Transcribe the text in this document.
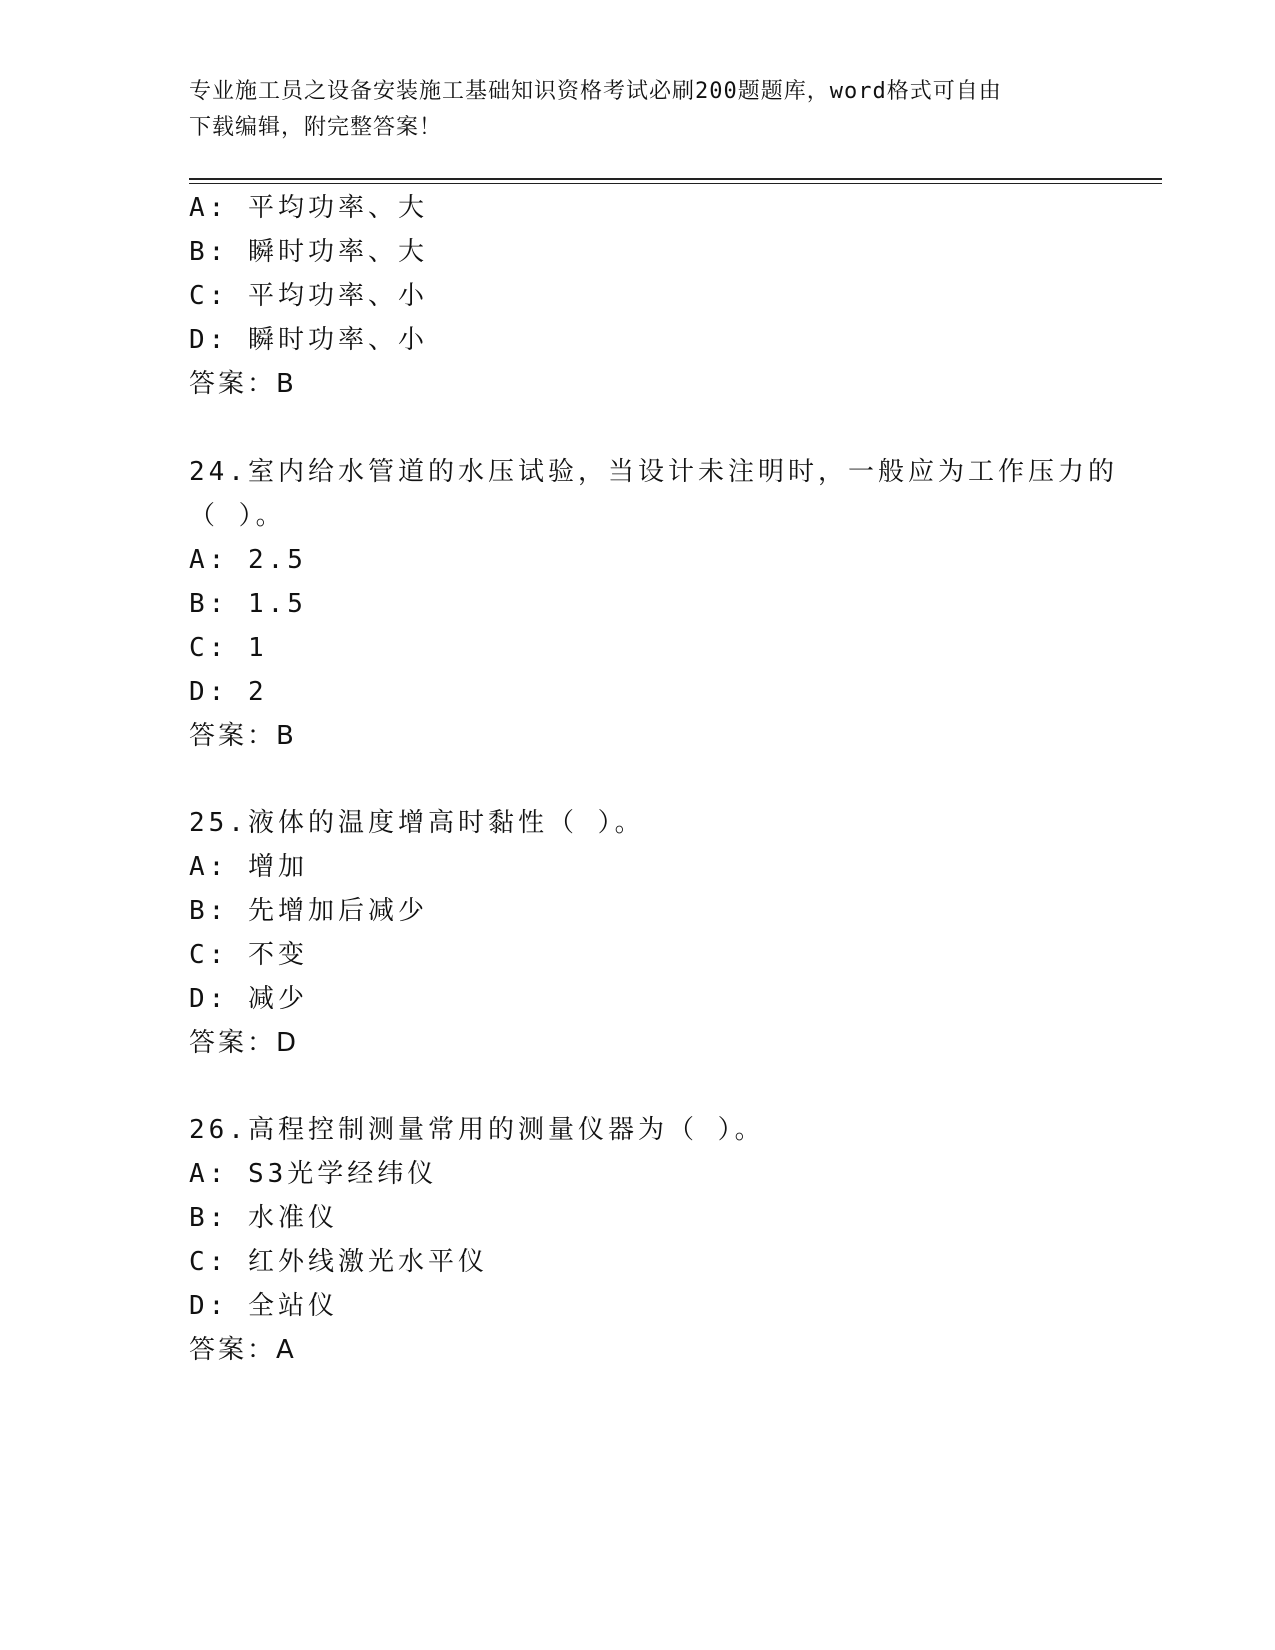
专业施工员之设备安装施工基础知识资格考试必刷200题题库，word格式可自由
下载编辑，附完整答案！
A: 平均功率、大
B: 瞬时功率、大
C: 平均功率、小
D: 瞬时功率、小
答案：B
24.室内给水管道的水压试验，当设计未注明时，一般应为工作压力的
（ ）。
A: 2.5
B: 1.5
C: 1
D: 2
答案：B
25.液体的温度增高时黏性（ ）。
A: 增加
B: 先增加后减少
C: 不变
D: 减少
答案：D
26.高程控制测量常用的测量仪器为（ ）。
A: S3光学经纬仪
B: 水准仪
C: 红外线激光水平仪
D: 全站仪
答案：A
